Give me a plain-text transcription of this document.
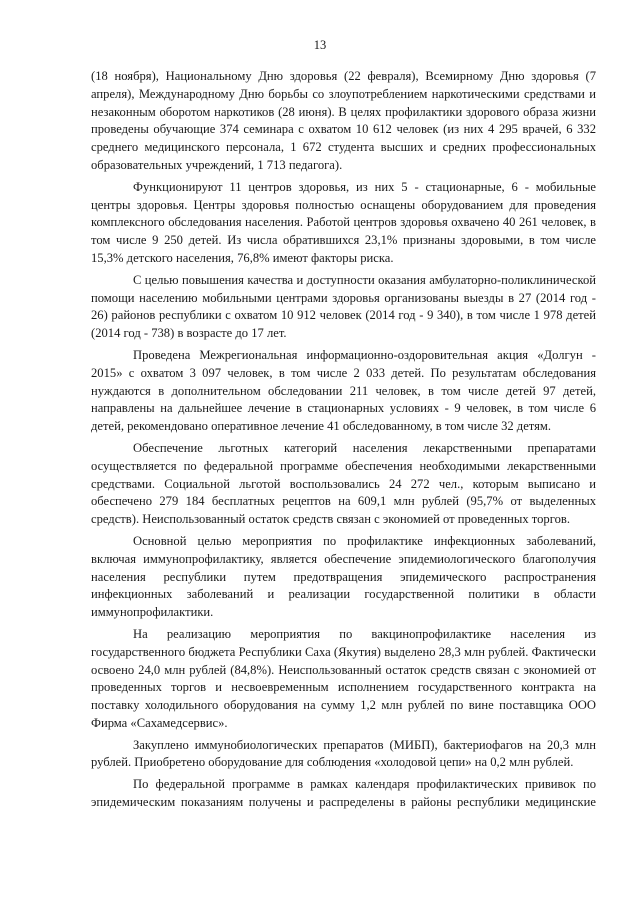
13

(18 ноября), Национальному Дню здоровья (22 февраля), Всемирному Дню здоровья (7 апреля), Международному Дню борьбы со злоупотреблением наркотическими средствами и незаконным оборотом наркотиков (28 июня). В целях профилактики здорового образа жизни проведены обучающие 374 семинара с охватом 10 612 человек (из них 4 295 врачей, 6 332 среднего медицинского персонала, 1 672 студента высших и средних профессиональных образовательных учреждений, 1 713 педагога).

Функционируют 11 центров здоровья, из них 5 - стационарные, 6 - мобильные центры здоровья. Центры здоровья полностью оснащены оборудованием для проведения комплексного обследования населения. Работой центров здоровья охвачено 40 261 человек, в том числе 9 250 детей. Из числа обратившихся 23,1% признаны здоровыми, в том числе 15,3% детского населения, 76,8% имеют факторы риска.

С целью повышения качества и доступности оказания амбулаторно-поликлинической помощи населению мобильными центрами здоровья организованы выезды в 27 (2014 год - 26) районов республики с охватом 10 912 человек (2014 год - 9 340), в том числе 1 978 детей (2014 год - 738) в возрасте до 17 лет.

Проведена Межрегиональная информационно-оздоровительная акция «Долгун - 2015» с охватом 3 097 человек, в том числе 2 033 детей. По результатам обследования нуждаются в дополнительном обследовании 211 человек, в том числе детей 97 детей, направлены на дальнейшее лечение в стационарных условиях - 9 человек, в том числе 6 детей, рекомендовано оперативное лечение 41 обследованному, в том числе 32 детям.

Обеспечение льготных категорий населения лекарственными препаратами осуществляется по федеральной программе обеспечения необходимыми лекарственными средствами. Социальной льготой воспользовались 24 272 чел., которым выписано и обеспечено 279 184 бесплатных рецептов на 609,1 млн рублей (95,7% от выделенных средств). Неиспользованный остаток средств связан с экономией от проведенных торгов.

Основной целью мероприятия по профилактике инфекционных заболеваний, включая иммунопрофилактику, является обеспечение эпидемиологического благополучия населения республики путем предотвращения эпидемического распространения инфекционных заболеваний и реализации государственной политики в области иммунопрофилактики.

На реализацию мероприятия по вакцинопрофилактике населения из государственного бюджета Республики Саха (Якутия) выделено 28,3 млн рублей. Фактически освоено 24,0 млн рублей (84,8%). Неиспользованный остаток средств связан с экономией от проведенных торгов и несвоевременным исполнением государственного контракта на поставку холодильного оборудования на сумму 1,2 млн рублей по вине поставщика ООО Фирма «Сахамедсервис».

Закуплено иммунобиологических препаратов (МИБП), бактериофагов на 20,3 млн рублей. Приобретено оборудование для соблюдения «холодовой цепи» на 0,2 млн рублей.

По федеральной программе в рамках календаря профилактических прививок по эпидемическим показаниям получены и распределены в районы республики медицинские
